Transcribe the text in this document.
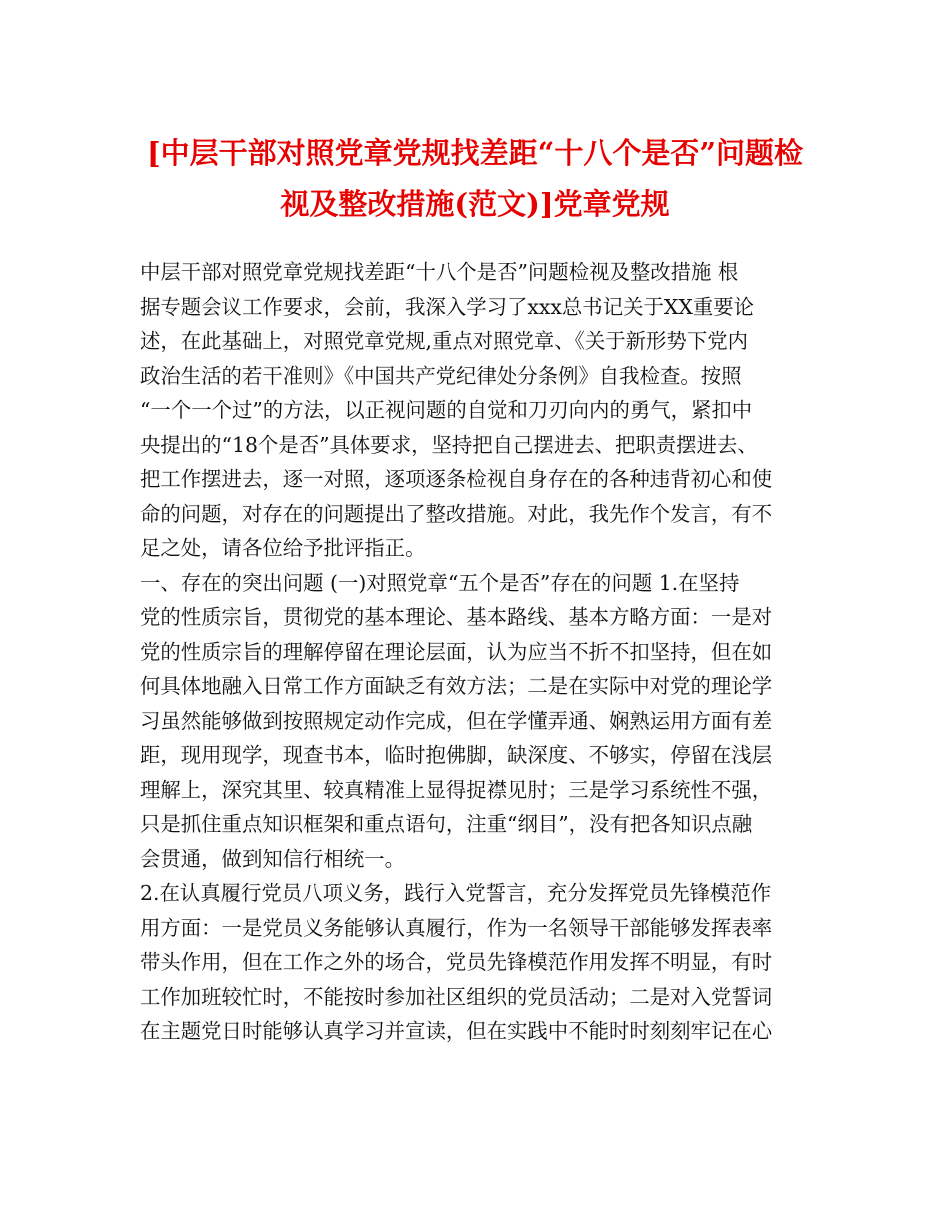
[中层干部对照党章党规找差距“十八个是否”问题检
视及整改措施(范文)]党章党规
中层干部对照党章党规找差距“十八个是否”问题检视及整改措施 根
据专题会议工作要求，会前，我深入学习了xxx总书记关于XX重要论
述，在此基础上，对照党章党规,重点对照党章、《关于新形势下党内
政治生活的若干准则》《中国共产党纪律处分条例》自我检查。按照
“一个一个过”的方法，以正视问题的自觉和刀刃向内的勇气，紧扣中
央提出的“18个是否”具体要求，坚持把自己摆进去、把职责摆进去、
把工作摆进去，逐一对照，逐项逐条检视自身存在的各种违背初心和使
命的问题，对存在的问题提出了整改措施。对此，我先作个发言，有不
足之处，请各位给予批评指正。
一、存在的突出问题 (一)对照党章“五个是否”存在的问题 1.在坚持
党的性质宗旨，贯彻党的基本理论、基本路线、基本方略方面：一是对
党的性质宗旨的理解停留在理论层面，认为应当不折不扣坚持，但在如
何具体地融入日常工作方面缺乏有效方法；二是在实际中对党的理论学
习虽然能够做到按照规定动作完成，但在学懂弄通、娴熟运用方面有差
距，现用现学，现查书本，临时抱佛脚，缺深度、不够实，停留在浅层
理解上，深究其里、较真精准上显得捉襟见肘；三是学习系统性不强，
只是抓住重点知识框架和重点语句，注重“纲目”，没有把各知识点融
会贯通，做到知信行相统一。
2.在认真履行党员八项义务，践行入党誓言，充分发挥党员先锋模范作
用方面：一是党员义务能够认真履行，作为一名领导干部能够发挥表率
带头作用，但在工作之外的场合，党员先锋模范作用发挥不明显，有时
工作加班较忙时，不能按时参加社区组织的党员活动；二是对入党誓词
在主题党日时能够认真学习并宣读，但在实践中不能时时刻刻牢记在心
